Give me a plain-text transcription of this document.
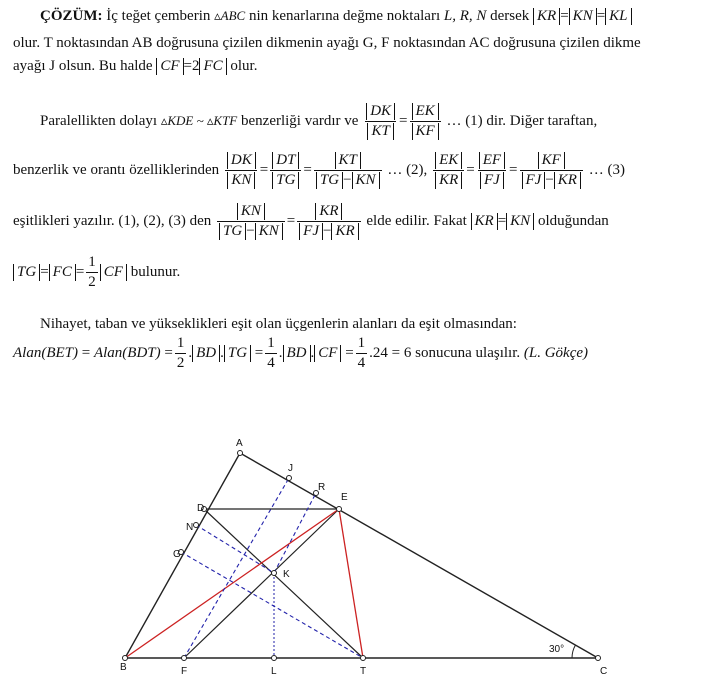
ÇÖZÜM: İç teğet çemberin ▵ABC nin kenarlarına değme noktaları L, R, N dersek KR = KN = KL
olur. T noktasından AB doğrusuna çizilen dikmenin ayağı G, F noktasından AC doğrusuna çizilen dikme
ayağı J olsun. Bu halde CF =2 FC olur.
Paralellikten dolayı ▵KDE ~ ▵KTF benzerliği vardır ve $\frac{DK}{KT} = \frac{EK}{KF}$ … (1) dir. Diğer taraftan,
benzerlik ve orantı özelliklerinden $\frac{DK}{KN} = \frac{DT}{TG} = \frac{KT}{TG - KN}$ … (2), $\frac{EK}{KR} = \frac{EF}{FJ} = \frac{KF}{FJ - KR}$ … (3)
eşitlikleri yazılır. (1), (2), (3) den $\frac{KN}{TG - KN} = \frac{KR}{FJ - KR}$ elde edilir. Fakat KR = KN olduğundan
TG = FC = $\frac{1}{2}$ CF bulunur.
Nihayet, taban ve yükseklikleri eşit olan üçgenlerin alanları da eşit olmasından:
Alan(BET) = Alan(BDT) = $\frac{1}{2}$ . BD . TG = $\frac{1}{4}$ . BD . CF = $\frac{1}{4} .24 = 6$ sonucuna ulaşılır. (L. Gökçe)
A
D
E
J
R
N
G
K
B	F	L	T	C
30°
